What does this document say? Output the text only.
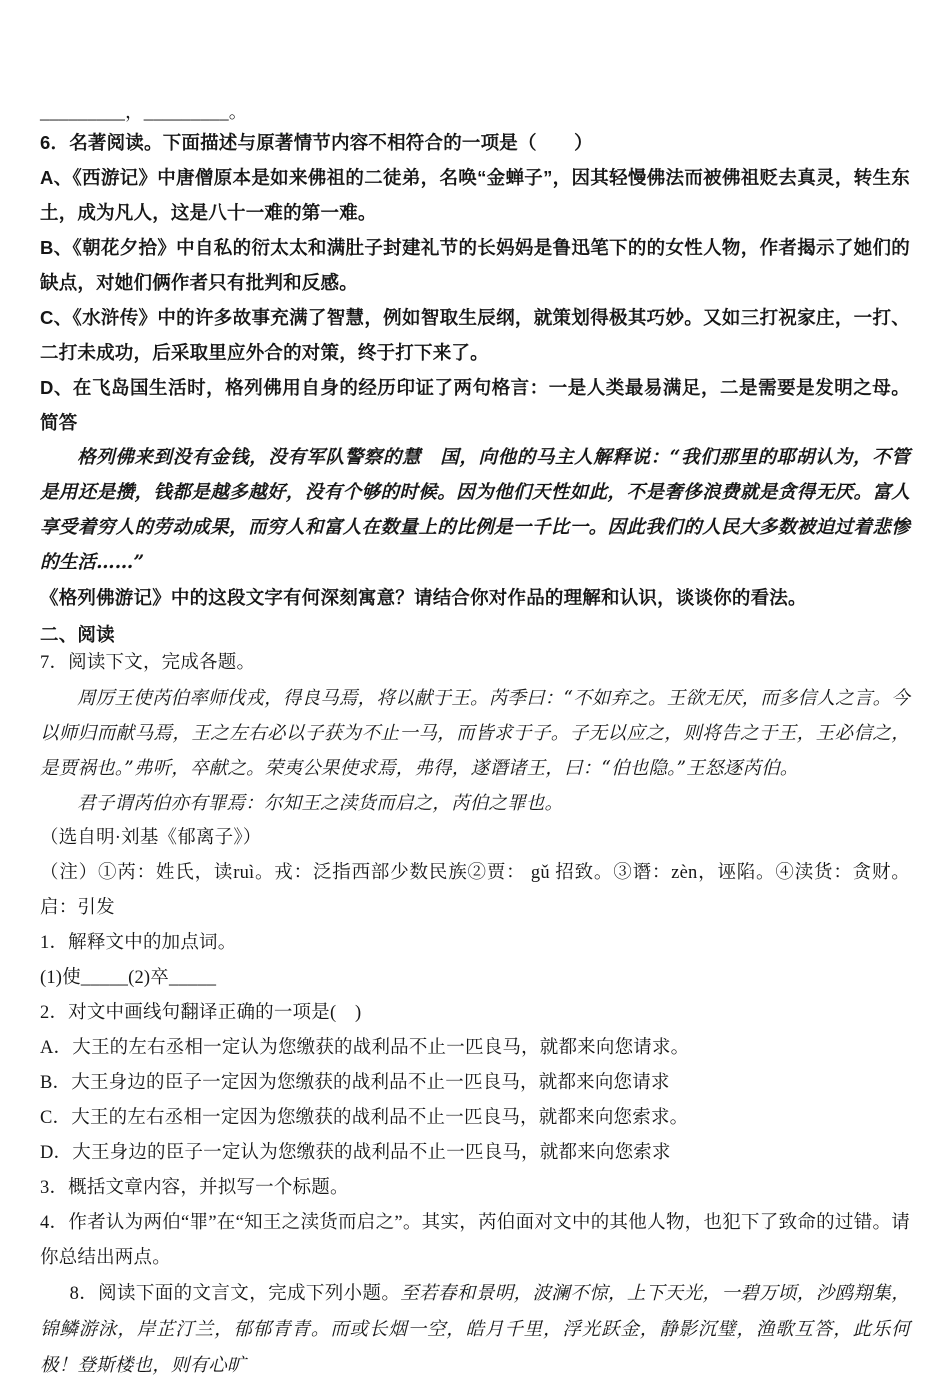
_________，_________。

6．名著阅读。下面描述与原著情节内容不相符合的一项是（　　）

A、《西游记》中唐僧原本是如来佛祖的二徒弟，名唤“金蝉子”，因其轻慢佛法而被佛祖贬去真灵，转生东土，成为凡人，这是八十一难的第一难。

B、《朝花夕拾》中自私的衍太太和满肚子封建礼节的长妈妈是鲁迅笔下的的女性人物，作者揭示了她们的缺点，对她们俩作者只有批判和反感。

C、《水浒传》中的许多故事充满了智慧，例如智取生辰纲，就策划得极其巧妙。又如三打祝家庄，一打、二打未成功，后采取里应外合的对策，终于打下来了。

D、在飞岛国生活时，格列佛用自身的经历印证了两句格言：一是人类最易满足，二是需要是发明之母。简答

格列佛来到没有金钱，没有军队警察的慧　国，向他的马主人解释说：“我们那里的耶胡认为，不管是用还是攒，钱都是越多越好，没有个够的时候。因为他们天性如此，不是奢侈浪费就是贪得无厌。富人享受着穷人的劳动成果，而穷人和富人在数量上的比例是一千比一。因此我们的人民大多数被迫过着悲惨的生活……”

《格列佛游记》中的这段文字有何深刻寓意？请结合你对作品的理解和认识，谈谈你的看法。

二、阅读

7．阅读下文，完成各题。

周厉王使芮伯率师伐戎，得良马焉，将以献于王。芮季曰：“不如弃之。王欲无厌，而多信人之言。今以师归而献马焉，王之左右必以子获为不止一马，而皆求于子。子无以应之，则将告之于王，王必信之，是贾祸也。”弗听，卒献之。荣夷公果使求焉，弗得，遂谮诸王，曰：“伯也隐。”王怒逐芮伯。

君子谓芮伯亦有罪焉：尔知王之渎货而启之，芮伯之罪也。

（选自明·刘基《郁离子》）

（注）①芮：姓氏，读ruì。戎：泛指西部少数民族②贾： gǔ 招致。③谮：zèn，诬陷。④渎货：贪财。启：引发

1．解释文中的加点词。

(1)使_____(2)卒_____

2．对文中画线句翻译正确的一项是(　)

A．大王的左右丞相一定认为您缴获的战利品不止一匹良马，就都来向您请求。

B．大王身边的臣子一定因为您缴获的战利品不止一匹良马，就都来向您请求

C．大王的左右丞相一定因为您缴获的战利品不止一匹良马，就都来向您索求。

D．大王身边的臣子一定认为您缴获的战利品不止一匹良马，就都来向您索求

3．概括文章内容，并拟写一个标题。

4．作者认为两伯“罪”在“知王之渎货而启之”。其实，芮伯面对文中的其他人物，也犯下了致命的过错。请你总结出两点。

8．阅读下面的文言文，完成下列小题。至若春和景明，波澜不惊，上下天光，一碧万顷，沙鸥翔集，锦鳞游泳，岸芷汀兰，郁郁青青。而或长烟一空，皓月千里，浮光跃金，静影沉璧，渔歌互答，此乐何极！登斯楼也，则有心旷
